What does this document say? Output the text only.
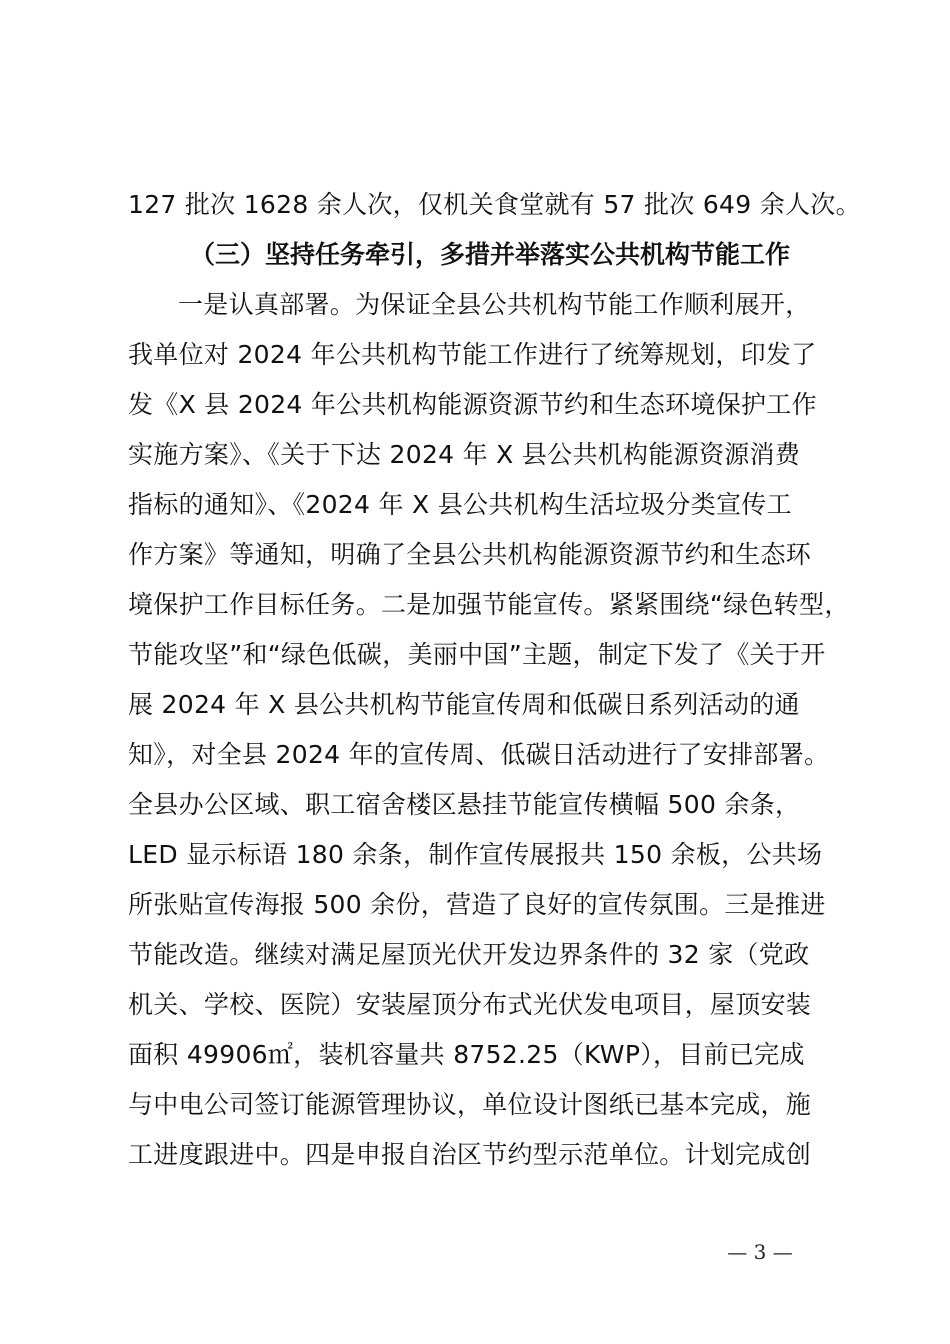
127 批次 1628 余人次，仅机关食堂就有 57 批次 649 余人次。
（三）坚持任务牵引，多措并举落实公共机构节能工作
一是认真部署。为保证全县公共机构节能工作顺利展开，
我单位对 2024 年公共机构节能工作进行了统筹规划，印发了
发《X 县 2024 年公共机构能源资源节约和生态环境保护工作
实施方案》、《关于下达 2024 年 X 县公共机构能源资源消费
指标的通知》、《2024 年 X 县公共机构生活垃圾分类宣传工
作方案》等通知，明确了全县公共机构能源资源节约和生态环
境保护工作目标任务。二是加强节能宣传。紧紧围绕“绿色转型，
节能攻坚”和“绿色低碳，美丽中国”主题，制定下发了《关于开
展 2024 年 X 县公共机构节能宣传周和低碳日系列活动的通
知》，对全县 2024 年的宣传周、低碳日活动进行了安排部署。
全县办公区域、职工宿舍楼区悬挂节能宣传横幅 500 余条，
LED 显示标语 180 余条，制作宣传展报共 150 余板，公共场
所张贴宣传海报 500 余份，营造了良好的宣传氛围。三是推进
节能改造。继续对满足屋顶光伏开发边界条件的 32 家（党政
机关、学校、医院）安装屋顶分布式光伏发电项目，屋顶安装
面积 49906㎡，装机容量共 8752.25（KWP），目前已完成
与中电公司签订能源管理协议，单位设计图纸已基本完成，施
工进度跟进中。四是申报自治区节约型示范单位。计划完成创
— 3 —
